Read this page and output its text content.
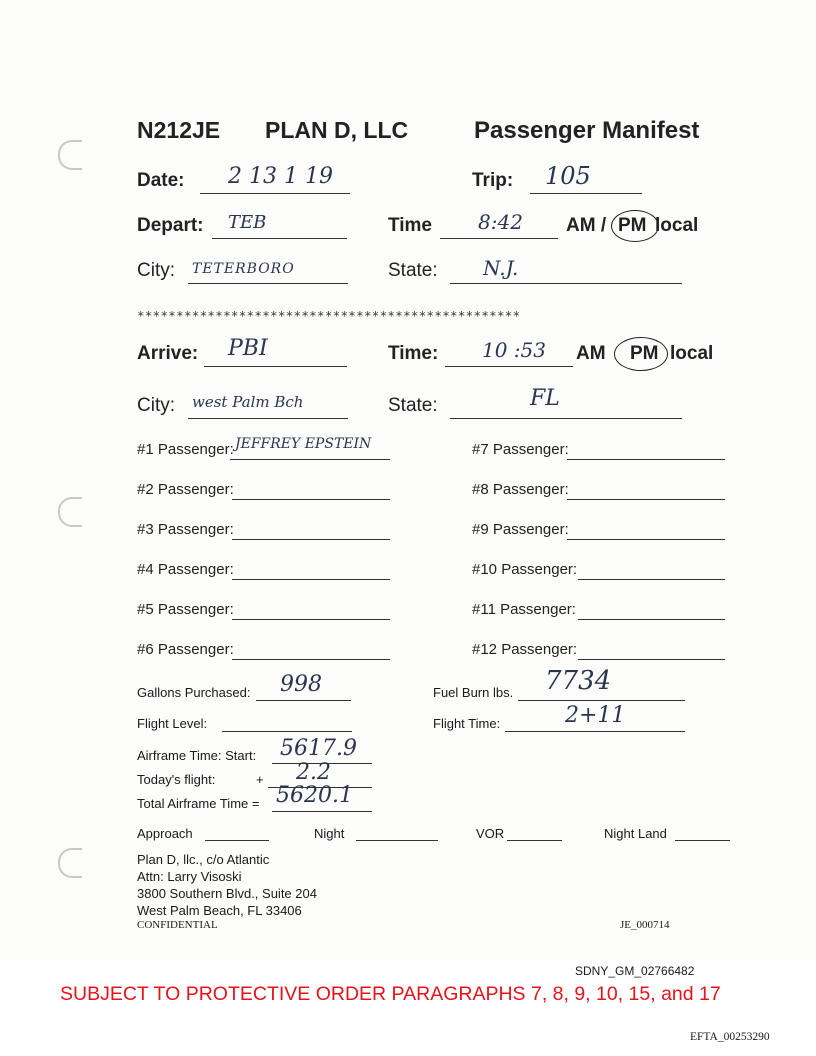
N212JE PLAN D, LLC	Passenger Manifest
Date: 2 13 1 19	Trip: 105
Depart: TEB	Time 8:42 AM / PM local
City: TETERBORO	State: N.J.
*************************************************
Arrive: PBI	Time: 10 :53 AM PM local
City: west Palm Bch	State:	FL
#1 Passenger: JEFFREY EPSTEIN
#2 Passenger:
#3 Passenger:
#4 Passenger:
#5 Passenger:
#6 Passenger:
#7 Passenger:
#8 Passenger:
#9 Passenger:
#10 Passenger:
#11 Passenger:
#12 Passenger:
Gallons Purchased: 998	Fuel Burn lbs. 7734
Flight Level:	Flight Time:	2+11
Airframe Time: Start: 5617.9
Today's flight:	+ 2.2
Total Airframe Time = 5620.1
Approach	Night	VOR	Night Land
Plan D, llc., c/o Atlantic
Attn: Larry Visoski
3800 Southern Blvd., Suite 204
West Palm Beach, FL 33406
CONFIDENTIAL	JE_000714
SDNY_GM_02766482
SUBJECT TO PROTECTIVE ORDER PARAGRAPHS 7, 8, 9, 10, 15, and 17
EFTA_00253290
